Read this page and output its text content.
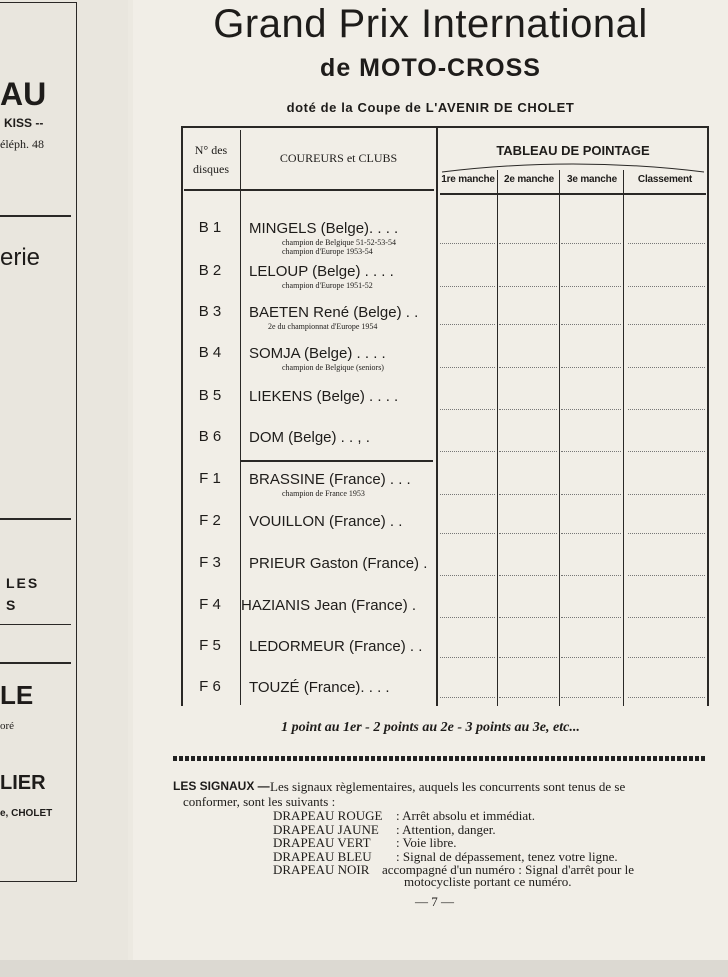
AU
KISS --
éléph. 48
erie
LES
S
LE
oré
LIER
e, CHOLET
Grand Prix International
de MOTO-CROSS
doté de la Coupe de L'AVENIR DE CHOLET
N° des
disques
COUREURS et CLUBS	TABLEAU DE POINTAGE
1re manche 2e manche	3e manche	Classement
B 1	MINGELS (Belge). . . .
champion de Belgique 51-52-53-54
champion d'Europe 1953-54
B 2	LELOUP (Belge) . . . .
champion d'Europe 1951-52
B 3	BAETEN René (Belge) . .
2e du championnat d'Europe 1954
B 4	SOMJA (Belge) . . . .
champion de Belgique (seniors)
B 5	LIEKENS (Belge) . . . .
B 6	DOM (Belge) . . , .
F 1	BRASSINE (France) . . .
champion de France 1953
F 2	VOUILLON (France) . .
F 3	PRIEUR Gaston (France) .
F 4	HAZIANIS Jean (France) .
F 5	LEDORMEUR (France) . .
F 6	TOUZÉ (France). . . .
1 point au 1er - 2 points au 2e - 3 points au 3e, etc...
LES SIGNAUX — Les signaux règlementaires, auquels les concurrents sont tenus de se
conformer, sont les suivants :
DRAPEAU ROUGE : Arrêt absolu et immédiat.
DRAPEAU JAUNE : Attention, danger.
DRAPEAU VERT : Voie libre.
DRAPEAU BLEU : Signal de dépassement, tenez votre ligne.
DRAPEAU NOIR accompagné d'un numéro : Signal d'arrêt pour le
motocycliste portant ce numéro.
— 7 —
